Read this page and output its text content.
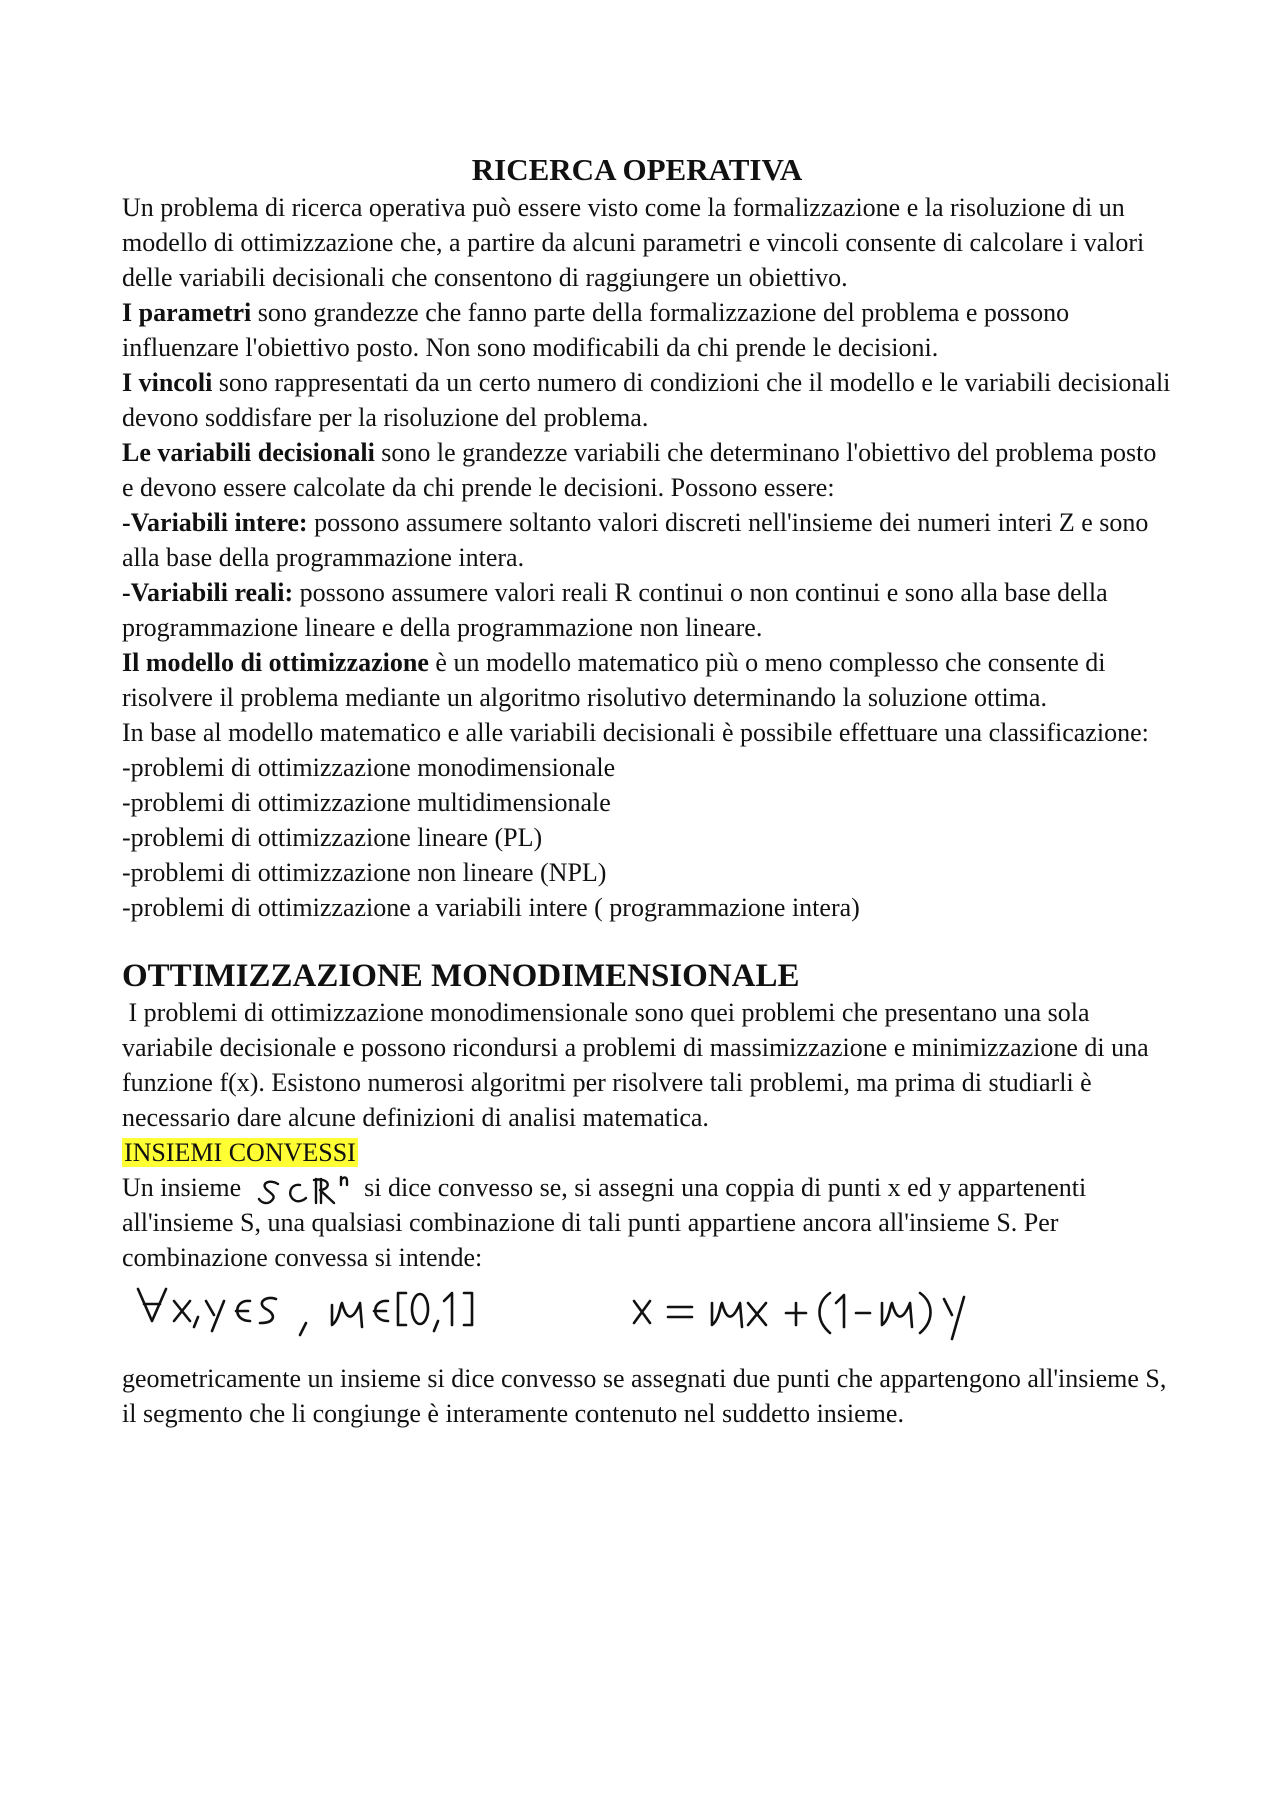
RICERCA OPERATIVA

Un problema di ricerca operativa può essere visto come la formalizzazione e la risoluzione di un modello di ottimizzazione che, a partire da alcuni parametri e vincoli consente di calcolare i valori delle variabili decisionali che consentono di raggiungere un obiettivo.

I parametri sono grandezze che fanno parte della formalizzazione del problema e possono influenzare l'obiettivo posto. Non sono modificabili da chi prende le decisioni.

I vincoli sono rappresentati da un certo numero di condizioni che il modello e le variabili decisionali devono soddisfare per la risoluzione del problema.

Le variabili decisionali sono le grandezze variabili che determinano l'obiettivo del problema posto e devono essere calcolate da chi prende le decisioni. Possono essere:

-Variabili intere: possono assumere soltanto valori discreti nell'insieme dei numeri interi Z e sono alla base della programmazione intera.

-Variabili reali: possono assumere valori reali R continui o non continui e sono alla base della programmazione lineare e della programmazione non lineare.

Il modello di ottimizzazione è un modello matematico più o meno complesso che consente di risolvere il problema mediante un algoritmo risolutivo determinando la soluzione ottima.

In base al modello matematico e alle variabili decisionali è possibile effettuare una classificazione:

-problemi di ottimizzazione monodimensionale

-problemi di ottimizzazione multidimensionale

-problemi di ottimizzazione lineare (PL)

-problemi di ottimizzazione non lineare (NPL)

-problemi di ottimizzazione a variabili intere ( programmazione intera)

OTTIMIZZAZIONE MONODIMENSIONALE

I problemi di ottimizzazione monodimensionale sono quei problemi che presentano una sola variabile decisionale e possono ricondursi a problemi di massimizzazione e minimizzazione di una funzione f(x). Esistono numerosi algoritmi per risolvere tali problemi, ma prima di studiarli è necessario dare alcune definizioni di analisi matematica.

INSIEMI CONVESSI

Un insieme	si dice convesso se, si assegni una coppia di punti x ed y appartenenti all'insieme S, una qualsiasi combinazione di tali punti appartiene ancora all'insieme S. Per combinazione convessa si intende:

geometricamente un insieme si dice convesso se assegnati due punti che appartengono all'insieme S, il segmento che li congiunge è interamente contenuto nel suddetto insieme.
